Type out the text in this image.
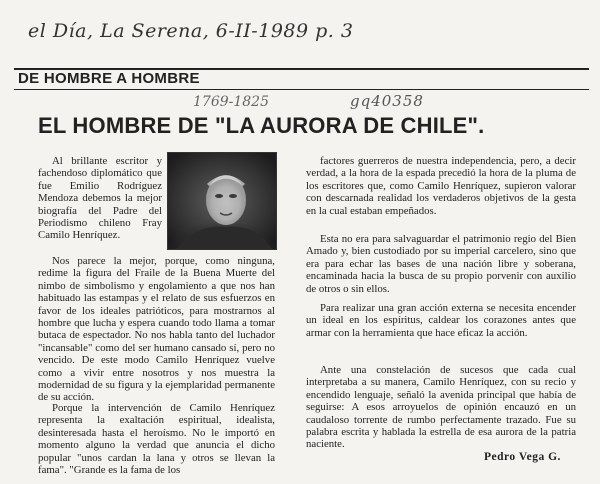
el Día, La Serena, 6-II-1989 p. 3
1769-1825	gq40358
DE HOMBRE A HOMBRE
EL HOMBRE DE "LA AURORA DE CHILE".

Al brillante escritor y fachendoso diplomático que fue Emilio Rodríguez Mendoza debemos la mejor biografía del Padre del Periodismo chileno Fray Camilo Henríquez.

Nos parece la mejor, porque, como ninguna, redime la figura del Fraile de la Buena Muerte del nimbo de simbolismo y engolamiento a que nos han habituado las estampas y el relato de sus esfuerzos en favor de los ideales patrióticos, para mostrarnos al hombre que lucha y espera cuando todo llama a tomar butaca de espectador. No nos habla tanto del luchador "incansable" como del ser humano cansado sí, pero no vencido. De este modo Camilo Henríquez vuelve como a vivir entre nosotros y nos muestra la modernidad de su figura y la ejemplaridad permanente de su acción.

Porque la intervención de Camilo Henríquez representa la exaltación espiritual, idealista, desinteresada hasta el heroísmo. No le importó en momento alguno la verdad que anuncia el dicho popular "unos cardan la lana y otros se llevan la fama". "Grande es la fama de los

factores guerreros de nuestra independencia, pero, a decir verdad, a la hora de la espada precedió la hora de la pluma de los escritores que, como Camilo Henríquez, supieron valorar con descarnada realidad los verdaderos objetivos de la gesta en la cual estaban empeñados.

Esta no era para salvaguardar el patrimonio regio del Bien Amado y, bien custodiado por su imperial carcelero, sino que era para echar las bases de una nación libre y soberana, encaminada hacia la busca de su propio porvenir con auxilio de otros o sin ellos.

Para realizar una gran acción externa se necesita encender un ideal en los espíritus, caldear los corazones antes que armar con la herramienta que hace eficaz la acción.

Ante una constelación de sucesos que cada cual interpretaba a su manera, Camilo Henríquez, con su recio y encendido lenguaje, señaló la avenida principal que había de seguirse: A esos arroyuelos de opinión encauzó en un caudaloso torrente de rumbo perfectamente trazado. Fue su palabra escrita y hablada la estrella de esa aurora de la patria naciente.

Pedro Vega G.
